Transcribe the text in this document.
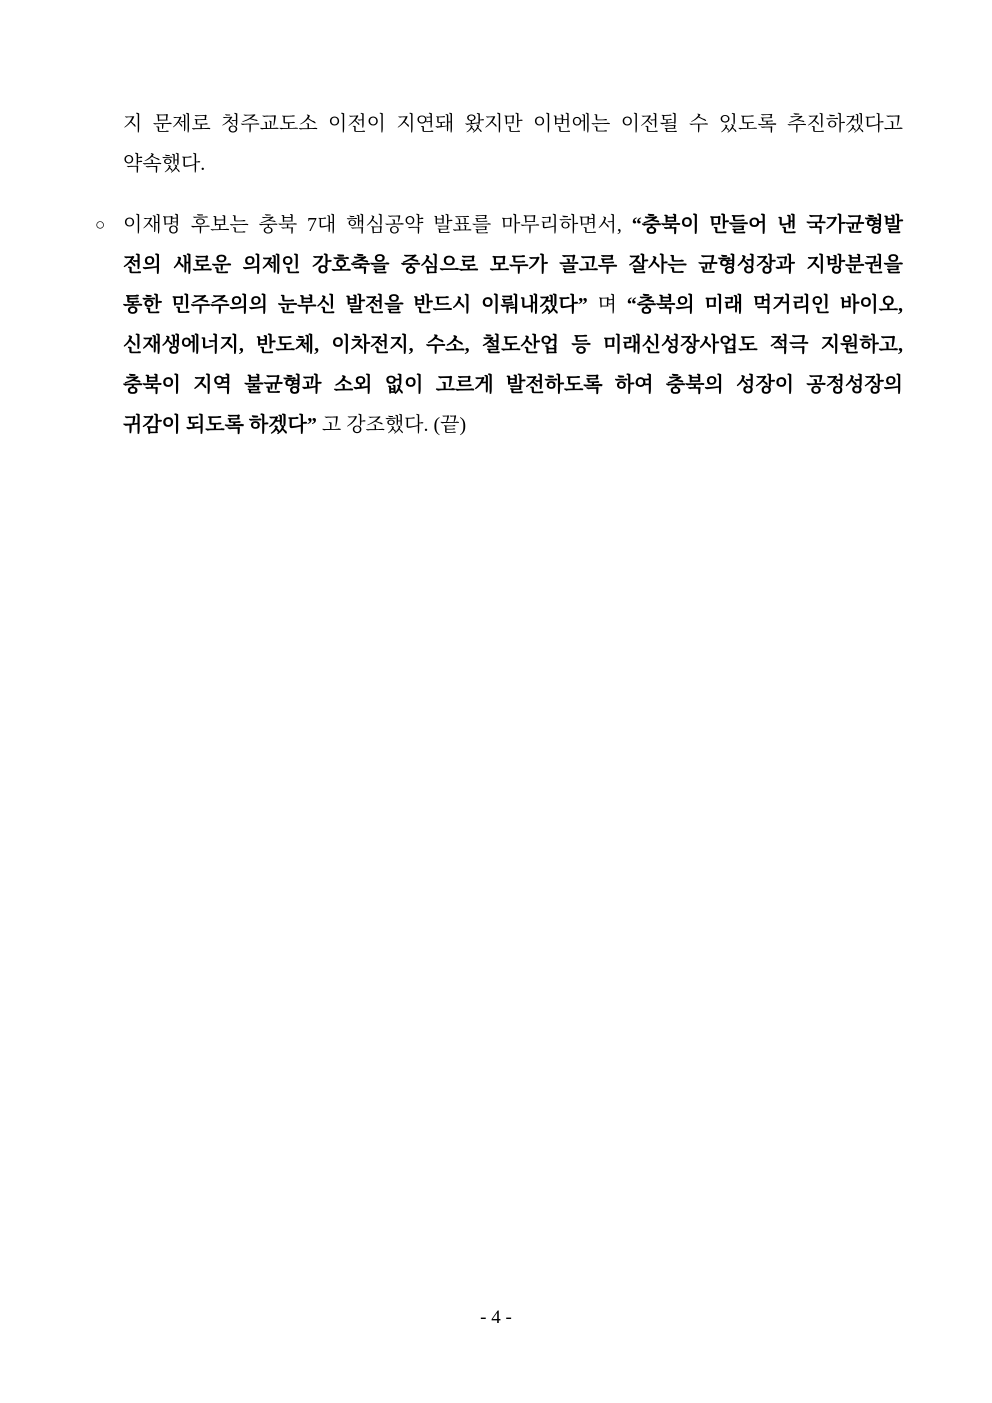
지 문제로 청주교도소 이전이 지연돼 왔지만 이번에는 이전될 수 있도록 추진하겠다고
약속했다.
○ 이재명 후보는 충북 7대 핵심공약 발표를 마무리하면서, “충북이 만들어 낸 국가균형발
전의 새로운 의제인 강호축을 중심으로 모두가 골고루 잘사는 균형성장과 지방분권을
통한 민주주의의 눈부신 발전을 반드시 이뤄내겠다” 며 “충북의 미래 먹거리인 바이오,
신재생에너지, 반도체, 이차전지, 수소, 철도산업 등 미래신성장사업도 적극 지원하고,
충북이 지역 불균형과 소외 없이 고르게 발전하도록 하여 충북의 성장이 공정성장의
귀감이 되도록 하겠다” 고 강조했다. (끝)
- 4 -
